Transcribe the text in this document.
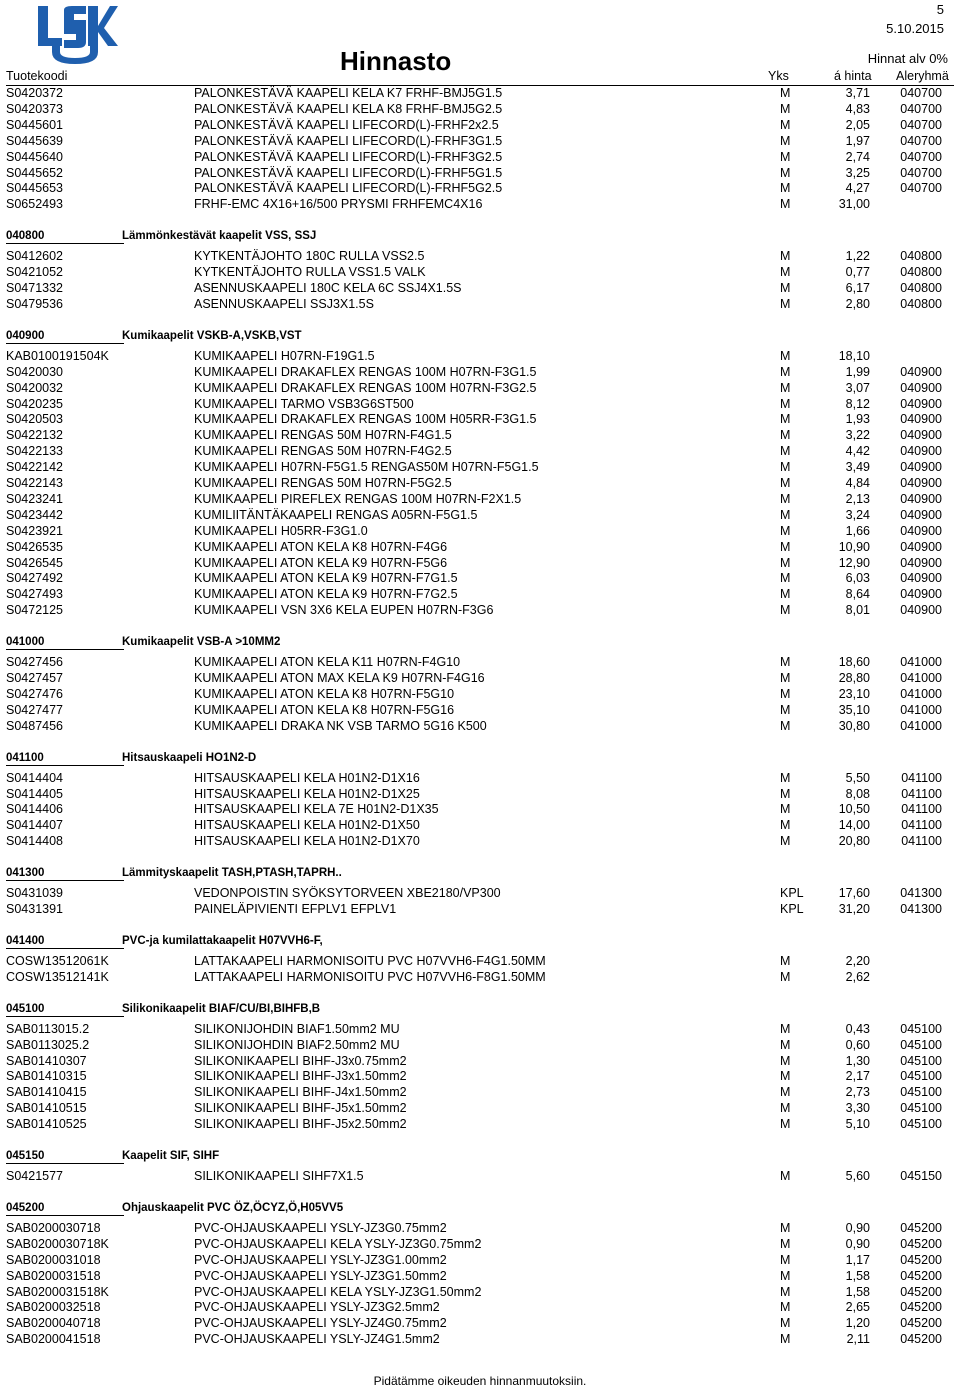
5
5.10.2015
Hinnasto	Hinnat alv 0%
Tuotekoodi	Yks	á hinta Aleryhmä
S0420372	PALONKESTÄVÄ KAAPELI KELA K7 FRHF-BMJ5G1.5	M	3,71 040700
S0420373	PALONKESTÄVÄ KAAPELI KELA K8 FRHF-BMJ5G2.5	M	4,83 040700
S0445601	PALONKESTÄVÄ KAAPELI LIFECORD(L)-FRHF2x2.5	M	2,05 040700
S0445639	PALONKESTÄVÄ KAAPELI LIFECORD(L)-FRHF3G1.5	M	1,97 040700
S0445640	PALONKESTÄVÄ KAAPELI LIFECORD(L)-FRHF3G2.5	M	2,74 040700
S0445652	PALONKESTÄVÄ KAAPELI LIFECORD(L)-FRHF5G1.5	M	3,25 040700
S0445653	PALONKESTÄVÄ KAAPELI LIFECORD(L)-FRHF5G2.5	M	4,27 040700
S0652493	FRHF-EMC 4X16+16/500 PRYSMI FRHFEMC4X16	M	31,00
040800	Lämmönkestävät kaapelit VSS, SSJ
S0412602	KYTKENTÄJOHTO 180C RULLA VSS2.5	M	1,22 040800
S0421052	KYTKENTÄJOHTO RULLA VSS1.5 VALK	M	0,77 040800
S0471332	ASENNUSKAAPELI 180C KELA 6C SSJ4X1.5S	M	6,17 040800
S0479536	ASENNUSKAAPELI SSJ3X1.5S	M	2,80 040800
040900	Kumikaapelit VSKB-A,VSKB,VST
KAB0100191504K	KUMIKAAPELI H07RN-F19G1.5	M	18,10
S0420030	KUMIKAAPELI DRAKAFLEX RENGAS 100M H07RN-F3G1.5	M	1,99 040900
S0420032	KUMIKAAPELI DRAKAFLEX RENGAS 100M H07RN-F3G2.5	M	3,07 040900
S0420235	KUMIKAAPELI TARMO VSB3G6ST500	M	8,12 040900
S0420503	KUMIKAAPELI DRAKAFLEX RENGAS 100M H05RR-F3G1.5	M	1,93 040900
S0422132	KUMIKAAPELI RENGAS 50M H07RN-F4G1.5	M	3,22 040900
S0422133	KUMIKAAPELI RENGAS 50M H07RN-F4G2.5	M	4,42 040900
S0422142	KUMIKAAPELI H07RN-F5G1.5 RENGAS50M H07RN-F5G1.5	M	3,49 040900
S0422143	KUMIKAAPELI RENGAS 50M H07RN-F5G2.5	M	4,84 040900
S0423241	KUMIKAAPELI PIREFLEX RENGAS 100M H07RN-F2X1.5	M	2,13 040900
S0423442	KUMILIITÄNTÄKAAPELI RENGAS A05RN-F5G1.5	M	3,24 040900
S0423921	KUMIKAAPELI H05RR-F3G1.0	M	1,66 040900
S0426535	KUMIKAAPELI ATON KELA K8 H07RN-F4G6	M	10,90 040900
S0426545	KUMIKAAPELI ATON KELA K9 H07RN-F5G6	M	12,90 040900
S0427492	KUMIKAAPELI ATON KELA K9 H07RN-F7G1.5	M	6,03 040900
S0427493	KUMIKAAPELI ATON KELA K9 H07RN-F7G2.5	M	8,64 040900
S0472125	KUMIKAAPELI VSN 3X6 KELA EUPEN H07RN-F3G6	M	8,01 040900
041000	Kumikaapelit VSB-A >10MM2
S0427456	KUMIKAAPELI ATON KELA K11 H07RN-F4G10	M	18,60 041000
S0427457	KUMIKAAPELI ATON MAX KELA K9 H07RN-F4G16	M	28,80 041000
S0427476	KUMIKAAPELI ATON KELA K8 H07RN-F5G10	M	23,10 041000
S0427477	KUMIKAAPELI ATON KELA K8 H07RN-F5G16	M	35,10 041000
S0487456	KUMIKAAPELI DRAKA NK VSB TARMO 5G16 K500	M	30,80 041000
041100	Hitsauskaapeli HO1N2-D
S0414404	HITSAUSKAAPELI KELA H01N2-D1X16	M	5,50 041100
S0414405	HITSAUSKAAPELI KELA H01N2-D1X25	M	8,08 041100
S0414406	HITSAUSKAAPELI KELA 7E H01N2-D1X35	M	10,50 041100
S0414407	HITSAUSKAAPELI KELA H01N2-D1X50	M	14,00 041100
S0414408	HITSAUSKAAPELI KELA H01N2-D1X70	M	20,80 041100
041300	Lämmityskaapelit TASH,PTASH,TAPRH..
S0431039	VEDONPOISTIN SYÖKSYTORVEEN XBE2180/VP300	KPL	17,60 041300
S0431391	PAINELÄPIVIENTI EFPLV1 EFPLV1	KPL	31,20 041300
041400	PVC-ja kumilattakaapelit H07VVH6-F,
COSW13512061K	LATTAKAAPELI HARMONISOITU PVC H07VVH6-F4G1.50MM	M	2,20
COSW13512141K	LATTAKAAPELI HARMONISOITU PVC H07VVH6-F8G1.50MM	M	2,62
045100	Silikonikaapelit BIAF/CU/BI,BIHFB,B
SAB0113015.2	SILIKONIJOHDIN BIAF1.50mm2 MU	M	0,43 045100
SAB0113025.2	SILIKONIJOHDIN BIAF2.50mm2 MU	M	0,60 045100
SAB01410307	SILIKONIKAAPELI BIHF-J3x0.75mm2	M	1,30 045100
SAB01410315	SILIKONIKAAPELI BIHF-J3x1.50mm2	M	2,17 045100
SAB01410415	SILIKONIKAAPELI BIHF-J4x1.50mm2	M	2,73 045100
SAB01410515	SILIKONIKAAPELI BIHF-J5x1.50mm2	M	3,30 045100
SAB01410525	SILIKONIKAAPELI BIHF-J5x2.50mm2	M	5,10 045100
045150	Kaapelit SIF, SIHF
S0421577	SILIKONIKAAPELI SIHF7X1.5	M	5,60 045150
045200	Ohjauskaapelit PVC ÖZ,ÖCYZ,Ö,H05VV5
SAB0200030718	PVC-OHJAUSKAAPELI YSLY-JZ3G0.75mm2	M	0,90 045200
SAB0200030718K	PVC-OHJAUSKAAPELI KELA YSLY-JZ3G0.75mm2	M	0,90 045200
SAB0200031018	PVC-OHJAUSKAAPELI YSLY-JZ3G1.00mm2	M	1,17 045200
SAB0200031518	PVC-OHJAUSKAAPELI YSLY-JZ3G1.50mm2	M	1,58 045200
SAB0200031518K	PVC-OHJAUSKAAPELI KELA YSLY-JZ3G1.50mm2	M	1,58 045200
SAB0200032518	PVC-OHJAUSKAAPELI YSLY-JZ3G2.5mm2	M	2,65 045200
SAB0200040718	PVC-OHJAUSKAAPELI YSLY-JZ4G0.75mm2	M	1,20 045200
SAB0200041518	PVC-OHJAUSKAAPELI YSLY-JZ4G1.5mm2	M	2,11 045200
Pidätämme oikeuden hinnanmuutoksiin.
